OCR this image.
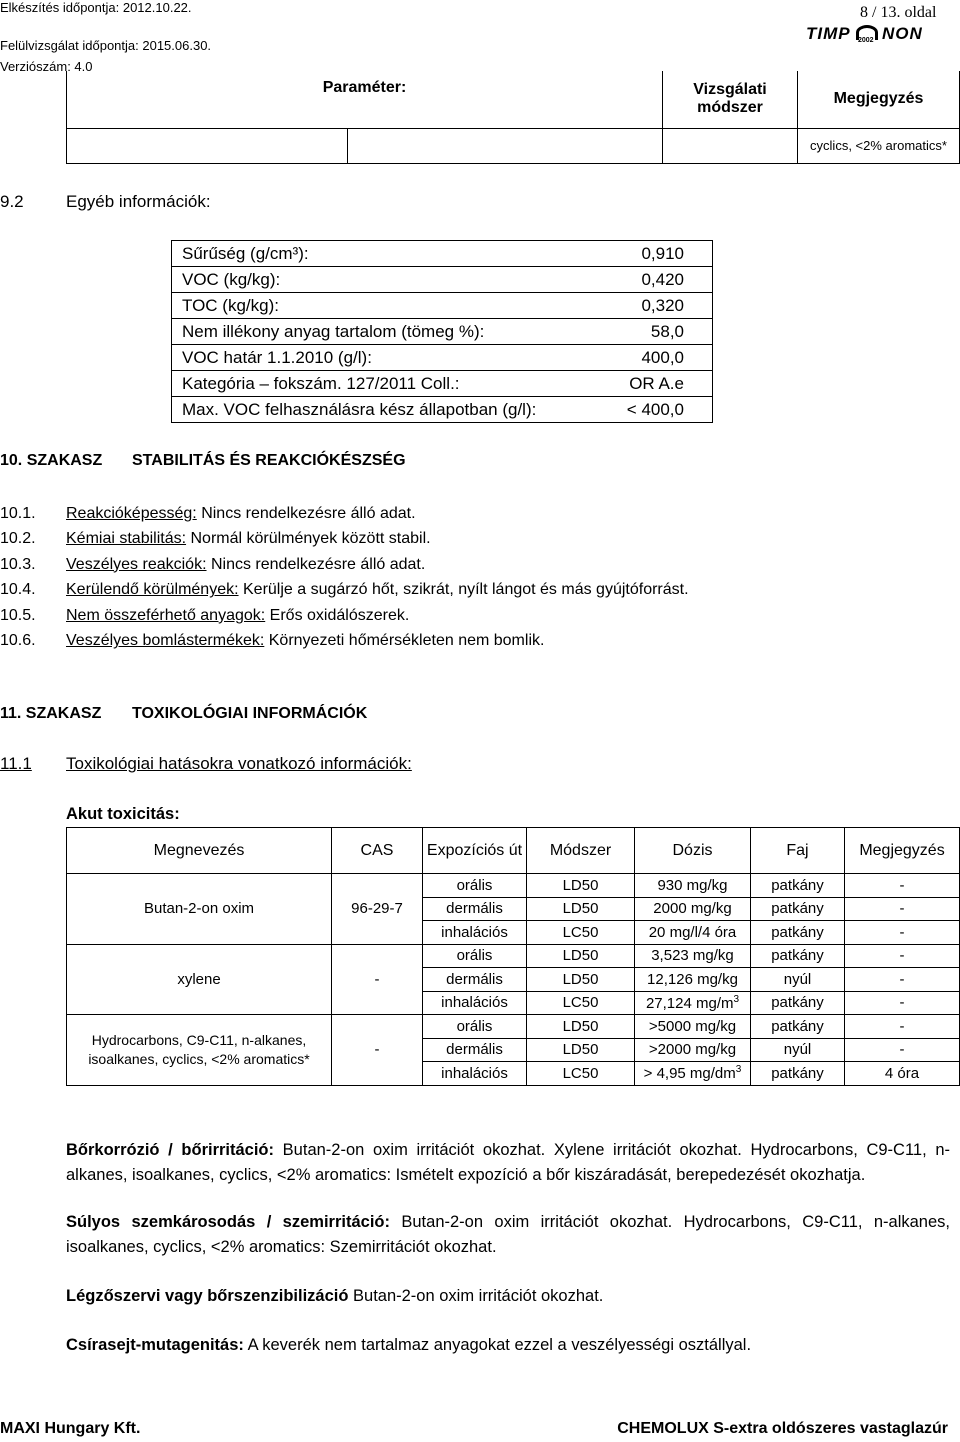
Elkészítés időpontja: 2012.10.22.
Felülvizsgálat időpontja: 2015.06.30.
Verziószám: 4.0
8 / 13. oldal
TIMP 2002 NON
Paraméter:		Vizsgálati módszer	Megjegyzés
			cyclics, <2% aromatics*
9.2 Egyéb információk:
Sűrűség (g/cm³):	0,910
VOC (kg/kg):	0,420
TOC (kg/kg):	0,320
Nem illékony anyag tartalom (tömeg %):	58,0
VOC határ 1.1.2010 (g/l):	400,0
Kategória – fokszám. 127/2011 Coll.:	OR A.e
Max. VOC felhasználásra kész állapotban (g/l):	< 400,0
10. SZAKASZ STABILITÁS ÉS REAKCIÓKÉSZSÉG
10.1.	Reakcióképesség: Nincs rendelkezésre álló adat.
10.2.	Kémiai stabilitás: Normál körülmények között stabil.
10.3.	Veszélyes reakciók: Nincs rendelkezésre álló adat.
10.4.	Kerülendő körülmények: Kerülje a sugárzó hőt, szikrát, nyílt lángot és más gyújtóforrást.
10.5.	Nem összeférhető anyagok: Erős oxidálószerek.
10.6.	Veszélyes bomlástermékek: Környezeti hőmérsékleten nem bomlik.
11. SZAKASZ TOXIKOLÓGIAI INFORMÁCIÓK
11.1 Toxikológiai hatásokra vonatkozó információk:
Akut toxicitás:
Megnevezés	CAS	Expozíciós út	Módszer	Dózis	Faj	Megjegyzés
Butan-2-on oxim	96-29-7	orális	LD50	930 mg/kg	patkány	-
		dermális	LD50	2000 mg/kg	patkány	-
		inhalációs	LC50	20 mg/l/4 óra	patkány	-
xylene	-	orális	LD50	3,523 mg/kg	patkány	-
		dermális	LD50	12,126 mg/kg	nyúl	-
		inhalációs	LC50	27,124 $mg/m^3$	patkány	-
Hydrocarbons, C9-C11, n-alkanes, isoalkanes, cyclics, <2% aromatics*	-	orális	LD50	>5000 mg/kg	patkány	-
		dermális	LD50	>2000 mg/kg	nyúl	-
		inhalációs	LC50	> 4,95 $mg/dm^3$	patkány	4 óra
Bőrkorrózió / bőrirritáció: Butan-2-on oxim irritációt okozhat. Xylene irritációt okozhat. Hydrocarbons, C9-C11, n-alkanes, isoalkanes, cyclics, <2% aromatics: Ismételt expozíció a bőr kiszáradását, berepedezését okozhatja.
Súlyos szemkárosodás / szemirritáció: Butan-2-on oxim irritációt okozhat. Hydrocarbons, C9-C11, n-alkanes, isoalkanes, cyclics, <2% aromatics: Szemirritációt okozhat.
Légzőszervi vagy bőrszenzibilizáció Butan-2-on oxim irritációt okozhat.
Csírasejt-mutagenitás: A keverék nem tartalmaz anyagokat ezzel a veszélyességi osztállyal.
MAXI Hungary Kft.	CHEMOLUX S-extra oldószeres vastaglazúr
